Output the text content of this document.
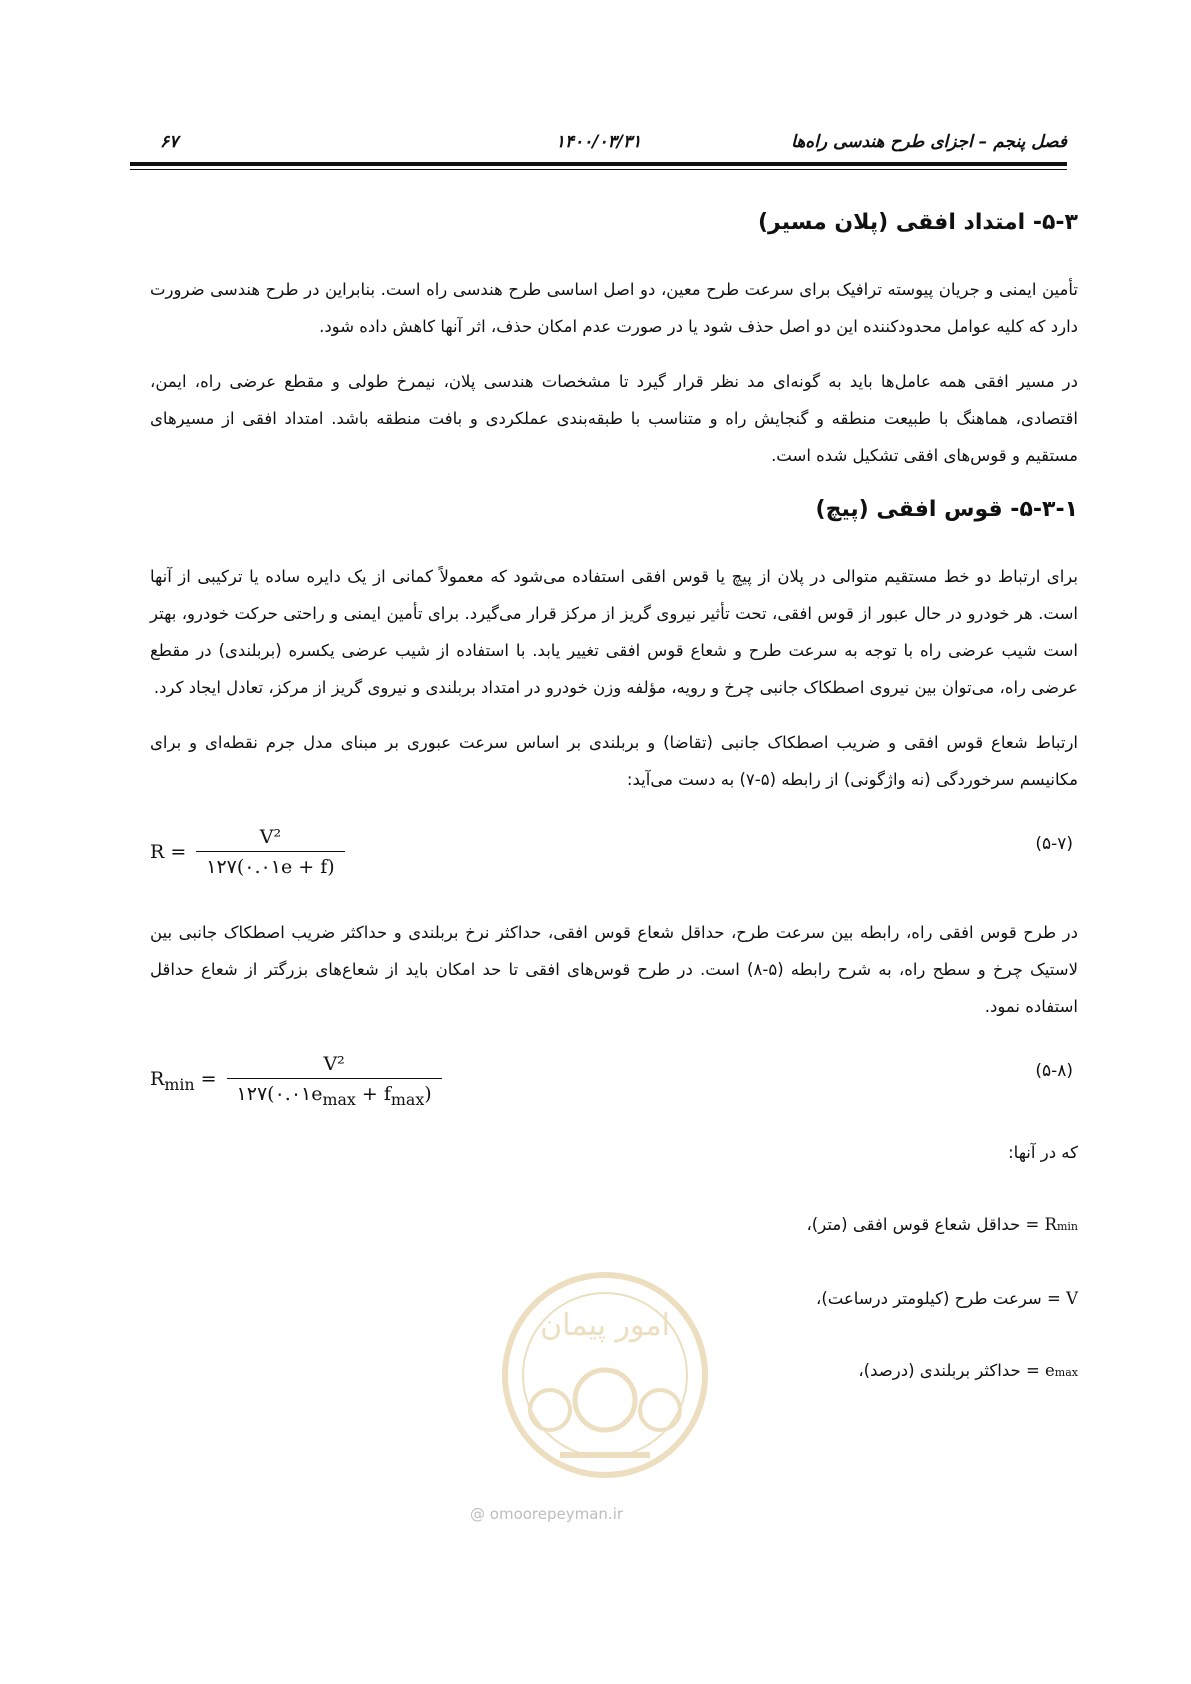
فصل پنجم – اجزای طرح هندسی راه‌ها
۱۴۰۰/۰۳/۳۱
۶۷
۵-۳- امتداد افقی (پلان مسیر)

تأمین ایمنی و جریان پیوسته ترافیک برای سرعت طرح معین، دو اصل اساسی طرح هندسی راه است. بنابراین در طرح هندسی ضرورت دارد که کلیه عوامل محدودکننده این دو اصل حذف شود یا در صورت عدم امکان حذف، اثر آنها کاهش داده شود.

در مسیر افقی همه عامل‌ها باید به گونه‌ای مد نظر قرار گیرد تا مشخصات هندسی پلان، نیمرخ طولی و مقطع عرضی راه، ایمن، اقتصادی، هماهنگ با طبیعت منطقه و گنجایش راه و متناسب با طبقه‌بندی عملکردی و بافت منطقه باشد. امتداد افقی از مسیرهای مستقیم و قوس‌های افقی تشکیل شده است.

۵-۳-۱- قوس افقی (پیچ)

برای ارتباط دو خط مستقیم متوالی در پلان از پیچ یا قوس افقی استفاده می‌شود که معمولاً کمانی از یک دایره ساده یا ترکیبی از آنها است. هر خودرو در حال عبور از قوس افقی، تحت تأثیر نیروی گریز از مرکز قرار می‌گیرد. برای تأمین ایمنی و راحتی حرکت خودرو، بهتر است شیب عرضی راه با توجه به سرعت طرح و شعاع قوس افقی تغییر یابد. با استفاده از شیب عرضی یکسره (بربلندی) در مقطع عرضی راه، می‌توان بین نیروی اصطکاک جانبی چرخ و رویه، مؤلفه وزن خودرو در امتداد بربلندی و نیروی گریز از مرکز، تعادل ایجاد کرد.

ارتباط شعاع قوس افقی و ضریب اصطکاک جانبی (تقاضا) و بربلندی بر اساس سرعت عبوری بر مبنای مدل جرم نقطه‌ای و برای مکانیسم سرخوردگی (نه واژگونی) از رابطه (۵-۷) به دست می‌آید:

$R = \frac{\text{V²}}{۱۲۷(۰.۰۱e + f)}$	(۵-۷)

در طرح قوس افقی راه، رابطه بین سرعت طرح، حداقل شعاع قوس افقی، حداکثر نرخ بربلندی و حداکثر ضریب اصطکاک جانبی بین لاستیک چرخ و سطح راه، به شرح رابطه (۵-۸) است. در طرح قوس‌های افقی تا حد امکان باید از شعاع‌های بزرگتر از شعاع حداقل استفاده نمود.

$R_{min} = \frac{\text{V²}}{۱۲۷(۰.۰۱e_{max} + f_{max})}$	(۵-۸)

که در آنها:

Rmin = حداقل شعاع قوس افقی (متر)،

V = سرعت طرح (کیلومتر درساعت)،

emax = حداکثر بربلندی (درصد)،

امور پیمان
@ omoorepeyman.ir
